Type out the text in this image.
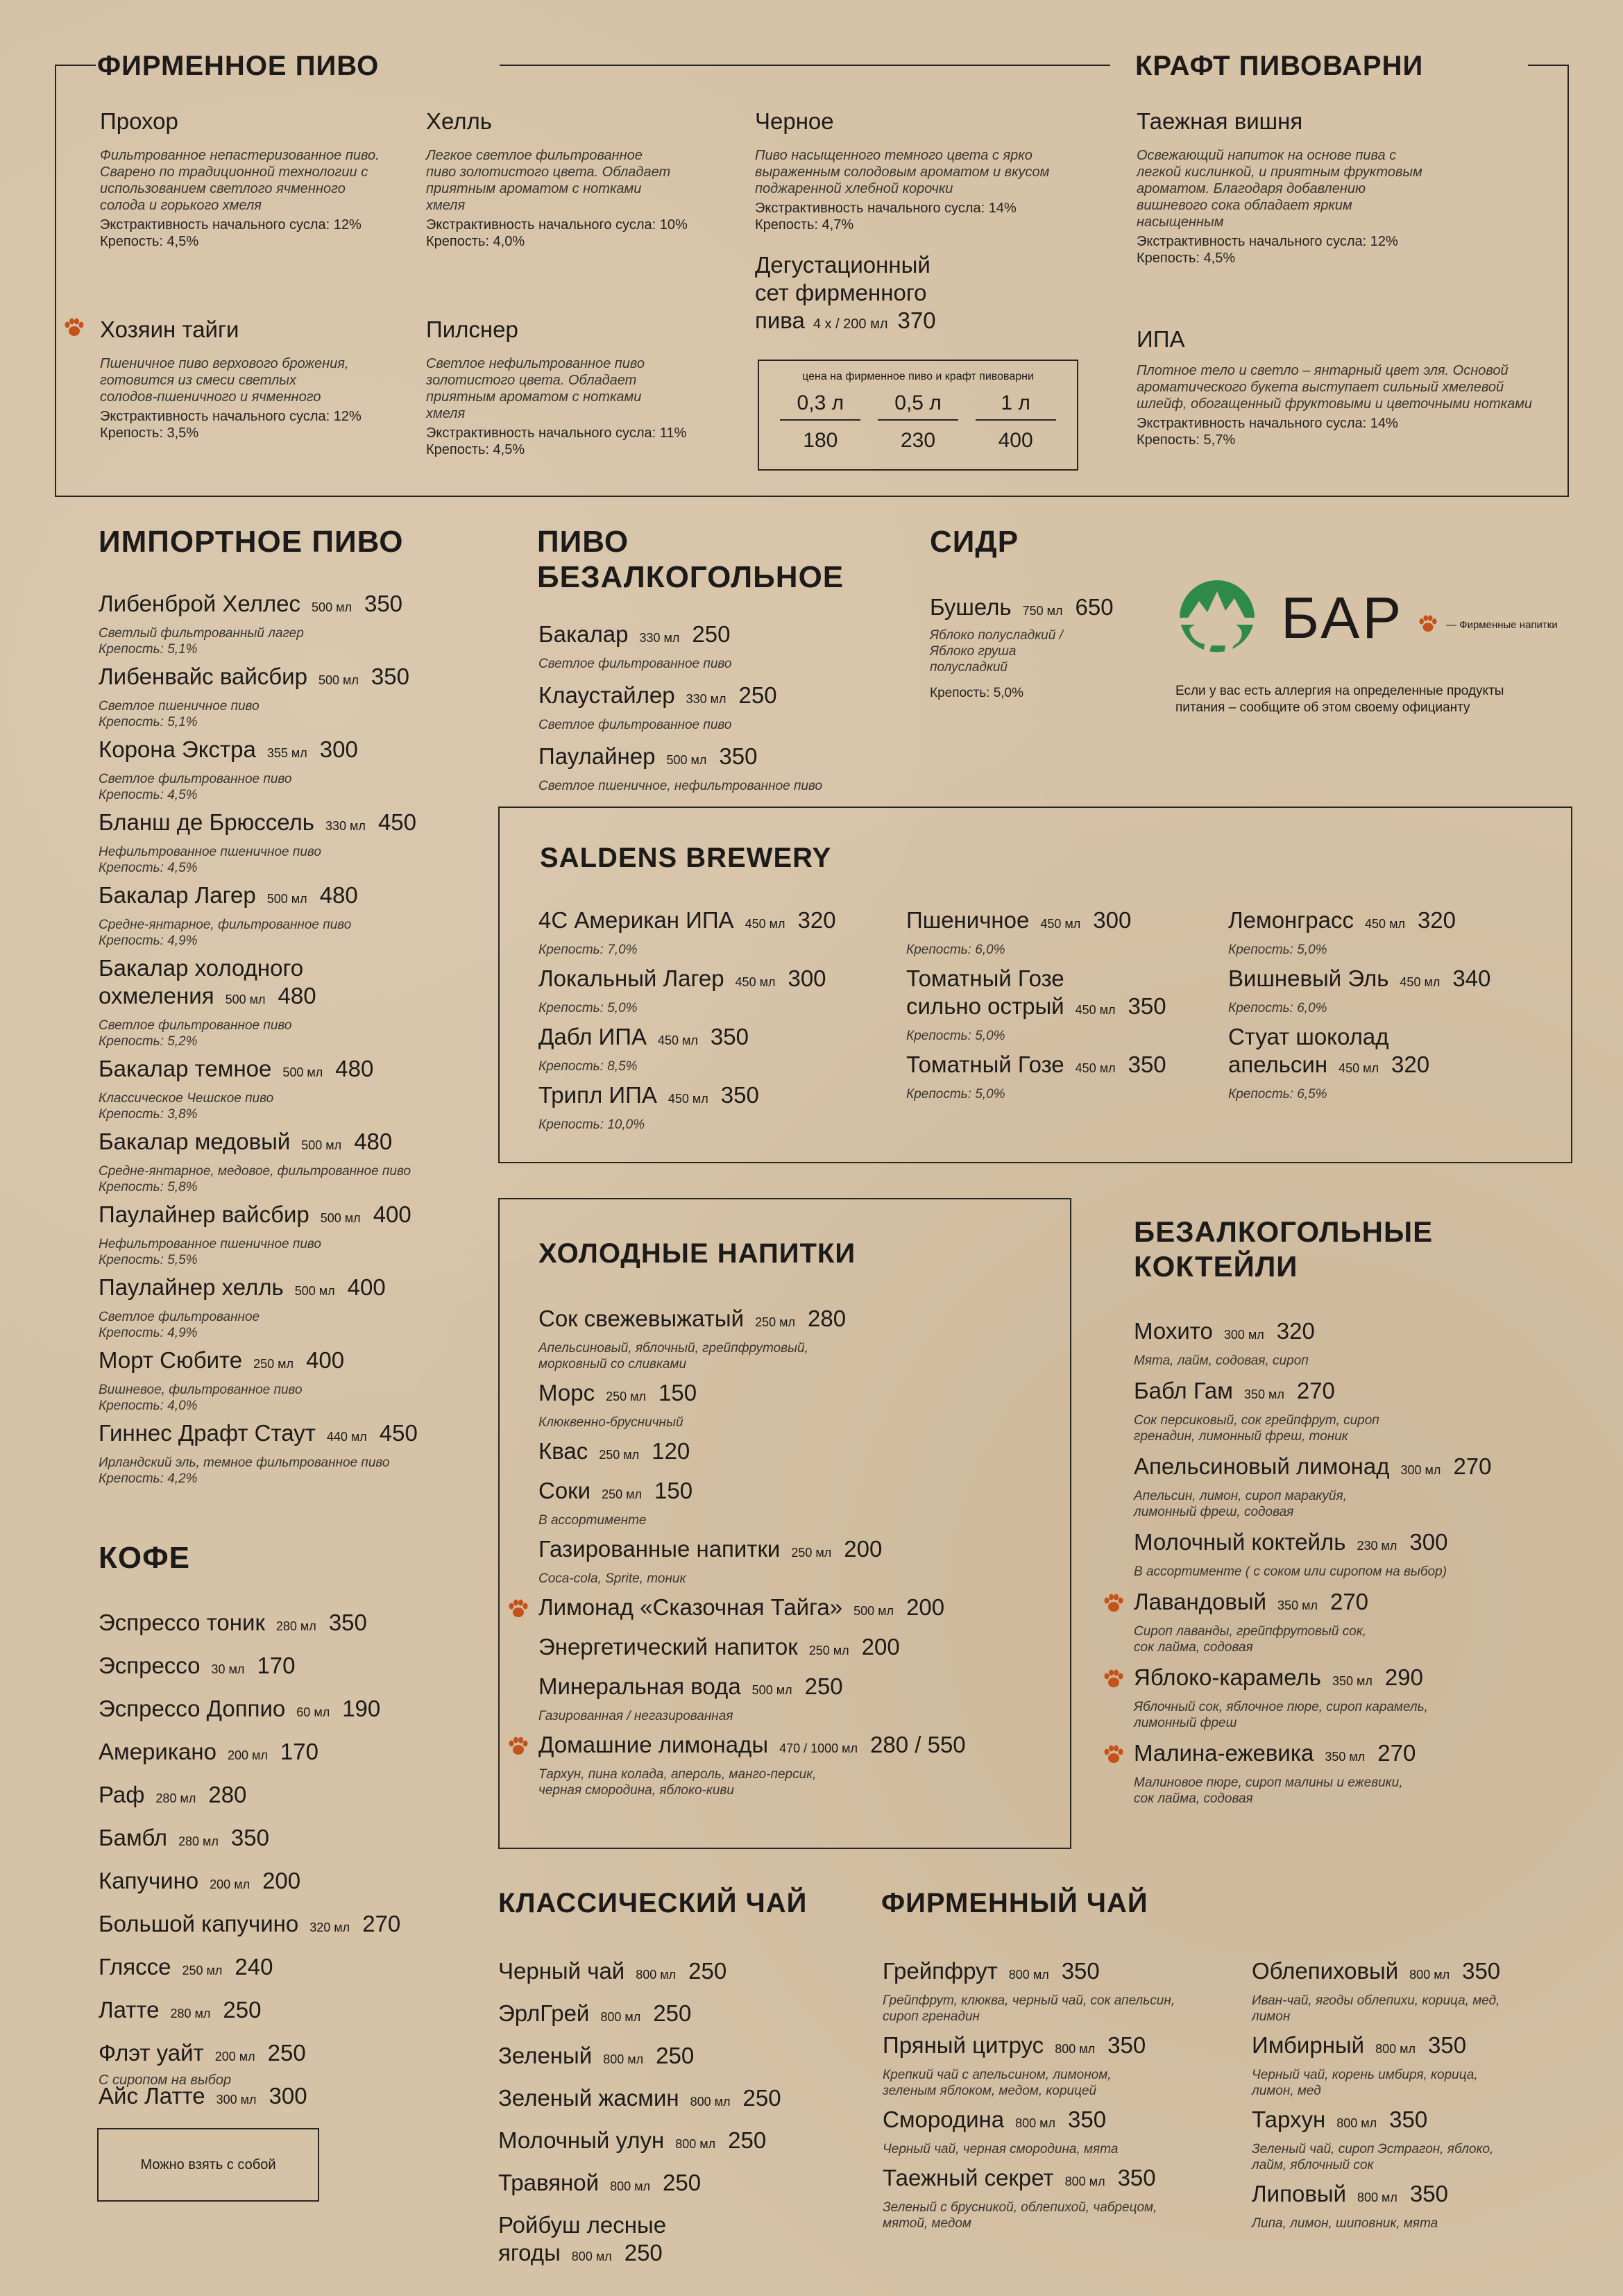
ФИРМЕННОЕ ПИВО	КРАФТ ПИВОВАРНИ
Прохор
Фильтрованное непастеризованное пиво. Сварено по традиционной технологии с использованием светлого ячменного солода и горького хмеля
Экстрактивность начального сусла: 12%
Крепость: 4,5%
Хелль
Легкое светлое фильтрованное пиво золотистого цвета. Обладает приятным ароматом с нотками хмеля
Экстрактивность начального сусла: 10%
Крепость: 4,0%
Черное
Пиво насыщенного темного цвета с ярко выраженным солодовым ароматом и вкусом поджаренной хлебной корочки
Экстрактивность начального сусла: 14%
Крепость: 4,7%
Дегустационный
сет фирменного
пива 4 х / 200 мл 370
цена на фирменное пиво и крафт пивоварни
0,3 л	0,5 л	1 л
180	230	400
Хозяин тайги
Пшеничное пиво верхового брожения, готовится из смеси светлых солодов-пшеничного и ячменного
Экстрактивность начального сусла: 12%
Крепость: 3,5%
Пилснер
Светлое нефильтрованное пиво золотистого цвета. Обладает приятным ароматом с нотками хмеля
Экстрактивность начального сусла: 11%
Крепость: 4,5%
Таежная вишня
Освежающий напиток на основе пива с легкой кислинкой, и приятным фруктовым ароматом. Благодаря добавлению вишневого сока обладает ярким насыщенным
Экстрактивность начального сусла: 12%
Крепость: 4,5%
ИПА
Плотное тело и светло – янтарный цвет эля. Основой ароматического букета выступает сильный хмелевой шлейф, обогащенный фруктовыми и цветочными нотками
Экстрактивность начального сусла: 14%
Крепость: 5,7%
ИМПОРТНОЕ ПИВО
Либенброй Хеллес 500 мл 350
Светлый фильтрованный лагер
Крепость: 5,1%
Либенвайс вайсбир 500 мл 350
Светлое пшеничное пиво
Крепость: 5,1%
Корона Экстра 355 мл 300
Светлое фильтрованное пиво
Крепость: 4,5%
Бланш де Брюссель 330 мл 450
Нефильтрованное пшеничное пиво
Крепость: 4,5%
Бакалар Лагер 500 мл 480
Средне-янтарное, фильтрованное пиво
Крепость: 4,9%
Бакалар холодного
охмеления 500 мл 480
Светлое фильтрованное пиво
Крепость: 5,2%
Бакалар темное 500 мл 480
Классическое Чешское пиво
Крепость: 3,8%
Бакалар медовый 500 мл 480
Средне-янтарное, медовое, фильтрованное пиво
Крепость: 5,8%
Паулайнер вайсбир 500 мл 400
Нефильтрованное пшеничное пиво
Крепость: 5,5%
Паулайнер хелль 500 мл 400
Светлое фильтрованное
Крепость: 4,9%
Морт Сюбите 250 мл 400
Вишневое, фильтрованное пиво
Крепость: 4,0%
Гиннес Драфт Стаут 440 мл 450
Ирландский эль, темное фильтрованное пиво
Крепость: 4,2%
ПИВО
БЕЗАЛКОГОЛЬНОЕ
Бакалар 330 мл 250
Светлое фильтрованное пиво
Клаустайлер 330 мл 250
Светлое фильтрованное пиво
Паулайнер 500 мл 350
Светлое пшеничное, нефильтрованное пиво
СИДР
Бушель 750 мл 650
Яблоко полусладкий /
Яблоко груша
полусладкий
Крепость: 5,0%
БАР	— Фирменные напитки
Если у вас есть аллергия на определенные продукты
питания – сообщите об этом своему официанту
SALDENS BREWERY
4С Американ ИПА 450 мл 320
Крепость: 7,0%
Локальный Лагер 450 мл 300
Крепость: 5,0%
Дабл ИПА 450 мл 350
Крепость: 8,5%
Трипл ИПА 450 мл 350
Крепость: 10,0%
Пшеничное 450 мл 300
Крепость: 6,0%
Томатный Гозе
сильно острый 450 мл 350
Крепость: 5,0%
Томатный Гозе 450 мл 350
Крепость: 5,0%
Лемонграсс 450 мл 320
Крепость: 5,0%
Вишневый Эль 450 мл 340
Крепость: 6,0%
Стуат шоколад
апельсин 450 мл 320
Крепость: 6,5%
ХОЛОДНЫЕ НАПИТКИ
Сок свежевыжатый 250 мл 280
Апельсиновый, яблочный, грейпфрутовый,
морковный со сливками
Морс 250 мл 150
Клюквенно-брусничный
Квас 250 мл 120
Соки 250 мл 150
В ассортименте
Газированные напитки 250 мл 200
Coca-cola, Sprite, тоник
Лимонад «Сказочная Тайга» 500 мл 200
Энергетический напиток 250 мл 200
Минеральная вода 500 мл 250
Газированная / негазированная
Домашние лимонады 470 / 1000 мл 280 / 550
Тархун, пина колада, апероль, манго-персик,
черная смородина, яблоко-киви
БЕЗАЛКОГОЛЬНЫЕ
КОКТЕЙЛИ
Мохито 300 мл 320
Мята, лайм, содовая, сироп
Бабл Гам 350 мл 270
Сок персиковый, сок грейпфрут, сироп
гренадин, лимонный фреш, тоник
Апельсиновый лимонад 300 мл 270
Апельсин, лимон, сироп маракуйя,
лимонный фреш, содовая
Молочный коктейль 230 мл 300
В ассортименте ( с соком или сиропом на выбор)
Лавандовый 350 мл 270
Сироп лаванды, грейпфрутовый сок,
сок лайма, содовая
Яблоко-карамель 350 мл 290
Яблочный сок, яблочное пюре, сироп карамель,
лимонный фреш
Малина-ежевика 350 мл 270
Малиновое пюре, сироп малины и ежевики,
сок лайма, содовая
КОФЕ
Эспрессо тоник 280 мл 350
Эспрессо 30 мл 170
Эспрессо Доппио 60 мл 190
Американо 200 мл 170
Раф 280 мл 280
Бамбл 280 мл 350
Капучино 200 мл 200
Большой капучино 320 мл 270
Гляссе 250 мл 240
Латте 280 мл 250
Флэт уайт 200 мл 250
Айс Латте 300 мл 300
С сиропом на выбор
Можно взять с собой
КЛАССИЧЕСКИЙ ЧАЙ
Черный чай 800 мл 250
ЭрлГрей 800 мл 250
Зеленый 800 мл 250
Зеленый жасмин 800 мл 250
Молочный улун 800 мл 250
Травяной 800 мл 250
Ройбуш лесные
ягоды 800 мл 250
ФИРМЕННЫЙ ЧАЙ
Грейпфрут 800 мл 350
Грейпфрут, клюква, черный чай, сок апельсин,
сироп гренадин
Пряный цитрус 800 мл 350
Крепкий чай с апельсином, лимоном,
зеленым яблоком, медом, корицей
Смородина 800 мл 350
Черный чай, черная смородина, мята
Таежный секрет 800 мл 350
Зеленый с брусникой, облепихой, чабрецом,
мятой, медом
Облепиховый 800 мл 350
Иван-чай, ягоды облепихи, корица, мед,
лимон
Имбирный 800 мл 350
Черный чай, корень имбиря, корица,
лимон, мед
Тархун 800 мл 350
Зеленый чай, сироп Эстрагон, яблоко,
лайм, яблочный сок
Липовый 800 мл 350
Липа, лимон, шиповник, мята
